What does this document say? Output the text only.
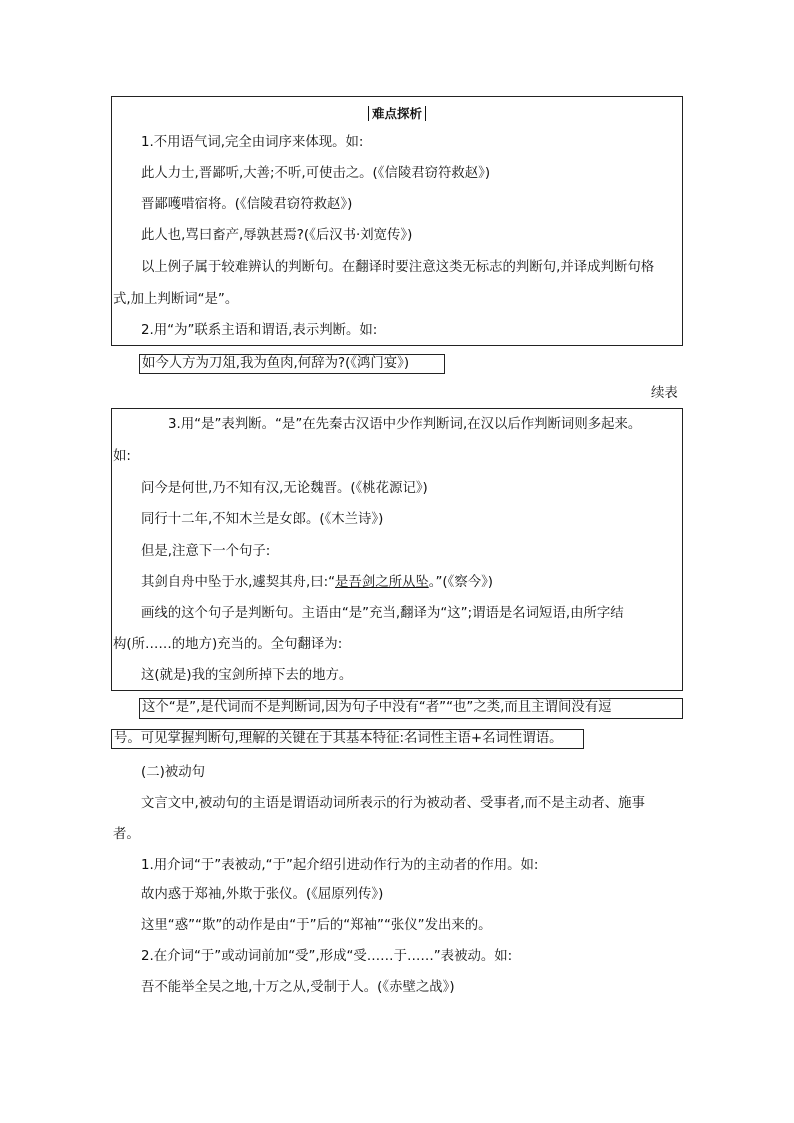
难点探析
1.不用语气词,完全由词序来体现。如:
此人力士,晋鄙听,大善;不听,可使击之。(《信陵君窃符救赵》)
晋鄙嚄唶宿将。(《信陵君窃符救赵》)
此人也,骂曰畜产,辱孰甚焉?(《后汉书·刘宽传》)
以上例子属于较难辨认的判断句。在翻译时要注意这类无标志的判断句,并译成判断句格
式,加上判断词“是”。
2.用“为”联系主语和谓语,表示判断。如:
如今人方为刀俎,我为鱼肉,何辞为?(《鸿门宴》)
续表
3.用“是”表判断。“是”在先秦古汉语中少作判断词,在汉以后作判断词则多起来。
如:
问今是何世,乃不知有汉,无论魏晋。(《桃花源记》)
同行十二年,不知木兰是女郎。(《木兰诗》)
但是,注意下一个句子:
其剑自舟中坠于水,遽契其舟,曰:“是吾剑之所从坠。”(《察今》)
画线的这个句子是判断句。主语由“是”充当,翻译为“这”;谓语是名词短语,由所字结
构(所……的地方)充当的。全句翻译为:
这(就是)我的宝剑所掉下去的地方。
这个“是”,是代词而不是判断词,因为句子中没有“者”“也”之类,而且主谓间没有逗
号。可见掌握判断句,理解的关键在于其基本特征:名词性主语+名词性谓语。
(二)被动句
文言文中,被动句的主语是谓语动词所表示的行为被动者、受事者,而不是主动者、施事
者。
1.用介词“于”表被动,“于”起介绍引进动作行为的主动者的作用。如:
故内惑于郑袖,外欺于张仪。(《屈原列传》)
这里“惑”“欺”的动作是由“于”后的“郑袖”“张仪”发出来的。
2.在介词“于”或动词前加“受”,形成“受……于……”表被动。如:
吾不能举全吴之地,十万之从,受制于人。(《赤壁之战》)
